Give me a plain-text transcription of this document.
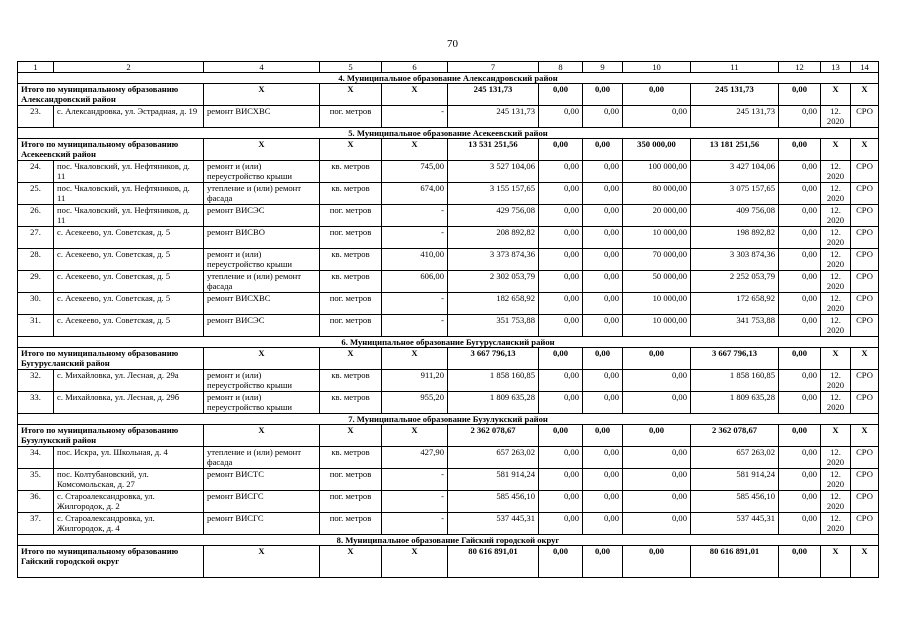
70
1	2	4	5	6	7	8	9	10	11	12	13	14
4. Муниципальное образование Александровский район												
Итого по муниципальному образованию Александровский район		X	X	X	245 131,73	0,00	0,00	0,00	245 131,73	0,00	X	X
23.	с. Александровка, ул. Эстрадная, д. 19	ремонт ВИСХВС	пог. метров	-	245 131,73	0,00	0,00	0,00	245 131,73	0,00	12. 2020	СРО
5. Муниципальное образование Асекеевский район												
Итого по муниципальному образованию Асекеевский район		X	X	X	13 531 251,56	0,00	0,00	350 000,00	13 181 251,56	0,00	X	X
24.	пос. Чкаловский, ул. Нефтяников, д. 11	ремонт и (или) переустройство крыши	кв. метров	745,00	3 527 104,06	0,00	0,00	100 000,00	3 427 104,06	0,00	12. 2020	СРО
25.	пос. Чкаловский, ул. Нефтяников, д. 11	утепление и (или) ремонт фасада	кв. метров	674,00	3 155 157,65	0,00	0,00	80 000,00	3 075 157,65	0,00	12. 2020	СРО
26.	пос. Чкаловский, ул. Нефтяников, д. 11	ремонт ВИСЭС	пог. метров	-	429 756,08	0,00	0,00	20 000,00	409 756,08	0,00	12. 2020	СРО
27.	с. Асекеево, ул. Советская, д. 5	ремонт ВИСВО	пог. метров	-	208 892,82	0,00	0,00	10 000,00	198 892,82	0,00	12. 2020	СРО
28.	с. Асекеево, ул. Советская, д. 5	ремонт и (или) переустройство крыши	кв. метров	410,00	3 373 874,36	0,00	0,00	70 000,00	3 303 874,36	0,00	12. 2020	СРО
29.	с. Асекеево, ул. Советская, д. 5	утепление и (или) ремонт фасада	кв. метров	606,00	2 302 053,79	0,00	0,00	50 000,00	2 252 053,79	0,00	12. 2020	СРО
30.	с. Асекеево, ул. Советская, д. 5	ремонт ВИСХВС	пог. метров	-	182 658,92	0,00	0,00	10 000,00	172 658,92	0,00	12. 2020	СРО
31.	с. Асекеево, ул. Советская, д. 5	ремонт ВИСЭС	пог. метров	-	351 753,88	0,00	0,00	10 000,00	341 753,88	0,00	12. 2020	СРО
6. Муниципальное образование Бугурусланский район												
Итого по муниципальному образованию Бугурусланский район		X	X	X	3 667 796,13	0,00	0,00	0,00	3 667 796,13	0,00	X	X
32.	с. Михайловка, ул. Лесная, д. 29а	ремонт и (или) переустройство крыши	кв. метров	911,20	1 858 160,85	0,00	0,00	0,00	1 858 160,85	0,00	12. 2020	СРО
33.	с. Михайловка, ул. Лесная, д. 29б	ремонт и (или) переустройство крыши	кв. метров	955,20	1 809 635,28	0,00	0,00	0,00	1 809 635,28	0,00	12. 2020	СРО
7. Муниципальное образование Бузулукский район												
Итого по муниципальному образованию Бузулукский район		X	X	X	2 362 078,67	0,00	0,00	0,00	2 362 078,67	0,00	X	X
34.	пос. Искра, ул. Школьная, д. 4	утепление и (или) ремонт фасада	кв. метров	427,90	657 263,02	0,00	0,00	0,00	657 263,02	0,00	12. 2020	СРО
35.	пос. Колтубановский, ул. Комсомольская, д. 27	ремонт ВИСТС	пог. метров	-	581 914,24	0,00	0,00	0,00	581 914,24	0,00	12. 2020	СРО
36.	с. Староалександровка, ул. Жилгородок, д. 2	ремонт ВИСГС	пог. метров	-	585 456,10	0,00	0,00	0,00	585 456,10	0,00	12. 2020	СРО
37.	с. Староалександровка, ул. Жилгородок, д. 4	ремонт ВИСГС	пог. метров	-	537 445,31	0,00	0,00	0,00	537 445,31	0,00	12. 2020	СРО
8. Муниципальное образование Гайский городской округ												
Итого по муниципальному образованию Гайский городской округ		X	X	X	80 616 891,01	0,00	0,00	0,00	80 616 891,01	0,00	X	X
